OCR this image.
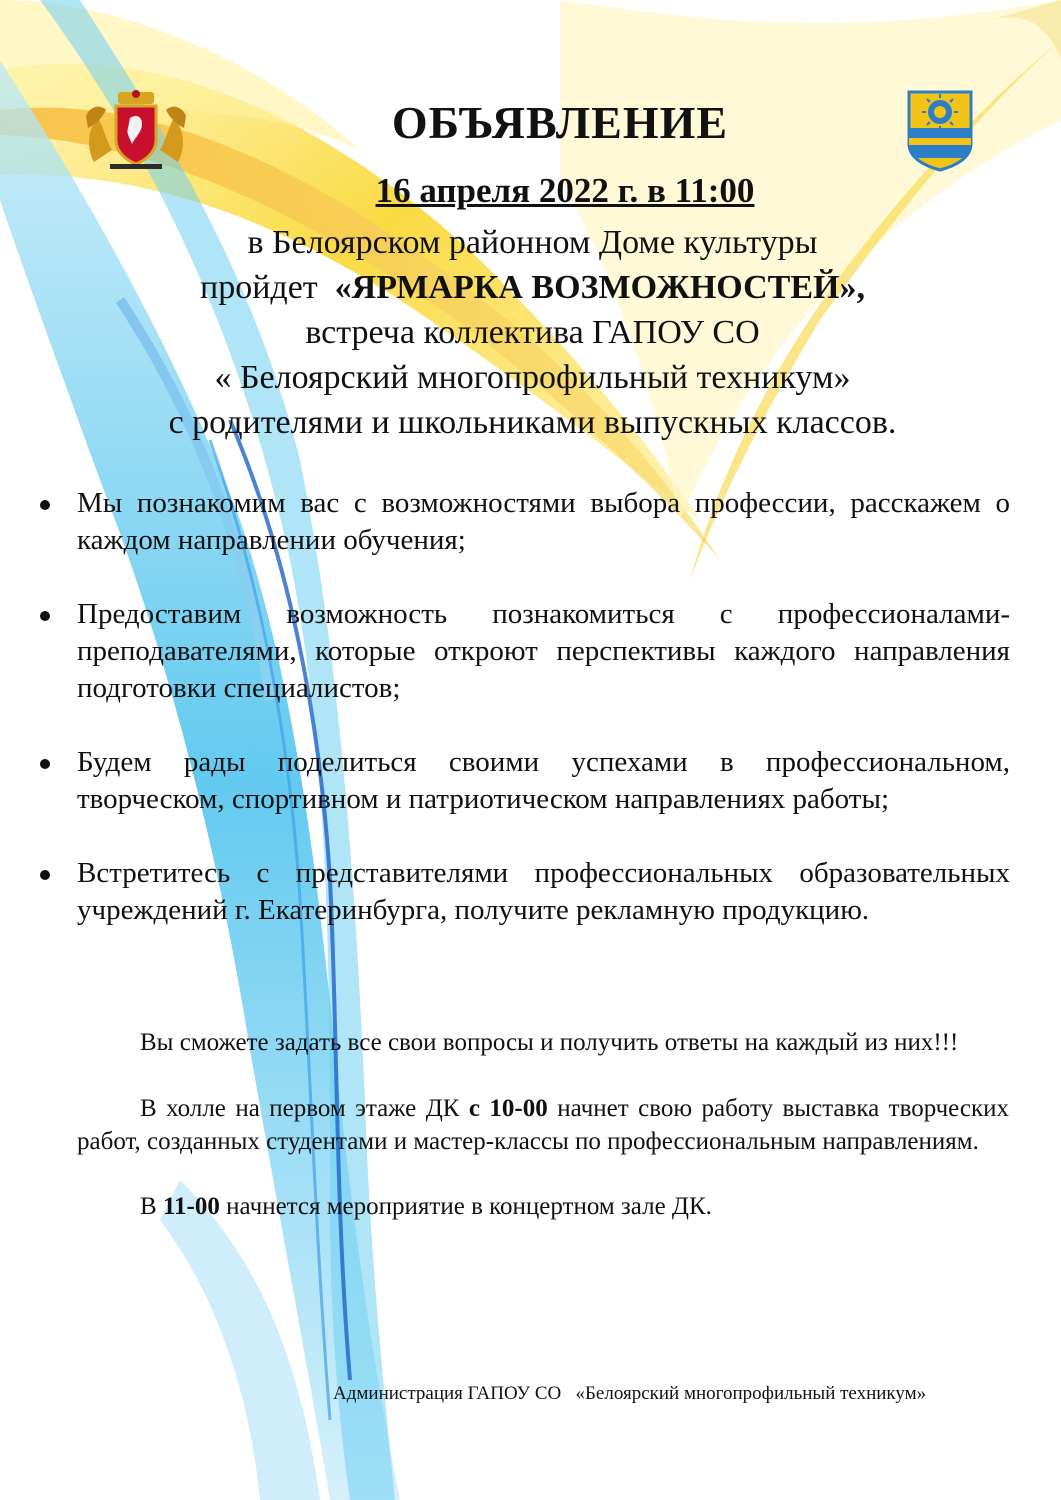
ОБЪЯВЛЕНИЕ
16 апреля 2022 г. в 11:00
в Белоярском районном Доме культуры
пройдет «ЯРМАРКА ВОЗМОЖНОСТЕЙ»,
встреча коллектива ГАПОУ СО
« Белоярский многопрофильный техникум»
с родителями и школьниками выпускных классов.
Мы познакомим вас с возможностями выбора профессии, расскажем о каждом направлении обучения;
Предоставим возможность познакомиться с профессионалами-преподавателями, которые откроют перспективы каждого направления подготовки специалистов;
Будем рады поделиться своими успехами в профессиональном, творческом, спортивном и патриотическом направлениях работы;
Встретитесь с представителями профессиональных образовательных учреждений г. Екатеринбурга, получите рекламную продукцию.

Вы сможете задать все свои вопросы и получить ответы на каждый из них!!!

В холле на первом этаже ДК с 10-00 начнет свою работу выставка творческих работ, созданных студентами и мастер-классы по профессиональным направлениям.

В 11-00 начнется мероприятие в концертном зале ДК.

Администрация ГАПОУ СО   «Белоярский многопрофильный техникум»
